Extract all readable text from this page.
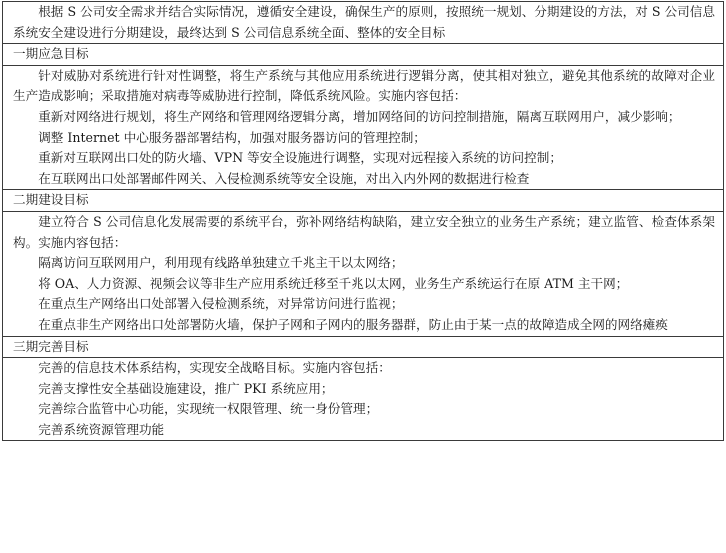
根据 S 公司安全需求并结合实际情况，遵循安全建设，确保生产的原则，按照统一规划、分期建设的方法，对 S 公司信息系统安全建设进行分期建设，最终达到 S 公司信息系统全面、整体的安全目标

一期应急目标

针对威胁对系统进行针对性调整，将生产系统与其他应用系统进行逻辑分离，使其相对独立，避免其他系统的故障对企业生产造成影响；采取措施对病毒等威胁进行控制，降低系统风险。实施内容包括：

重新对网络进行规划，将生产网络和管理网络逻辑分离，增加网络间的访问控制措施，隔离互联网用户，减少影响；

调整 Internet 中心服务器部署结构，加强对服务器访问的管理控制；

重新对互联网出口处的防火墙、VPN 等安全设施进行调整，实现对远程接入系统的访问控制；

在互联网出口处部署邮件网关、入侵检测系统等安全设施，对出入内外网的数据进行检查

二期建设目标

建立符合 S 公司信息化发展需要的系统平台，弥补网络结构缺陷，建立安全独立的业务生产系统；建立监管、检查体系架构。实施内容包括：

隔离访问互联网用户，利用现有线路单独建立千兆主干以太网络；

将 OA、人力资源、视频会议等非生产应用系统迁移至千兆以太网，业务生产系统运行在原 ATM 主干网；

在重点生产网络出口处部署入侵检测系统，对异常访问进行监视；

在重点非生产网络出口处部署防火墙，保护子网和子网内的服务器群，防止由于某一点的故障造成全网的网络瘫痪

三期完善目标

完善的信息技术体系结构，实现安全战略目标。实施内容包括：

完善支撑性安全基础设施建设，推广 PKI 系统应用；

完善综合监管中心功能，实现统一权限管理、统一身份管理；

完善系统资源管理功能
